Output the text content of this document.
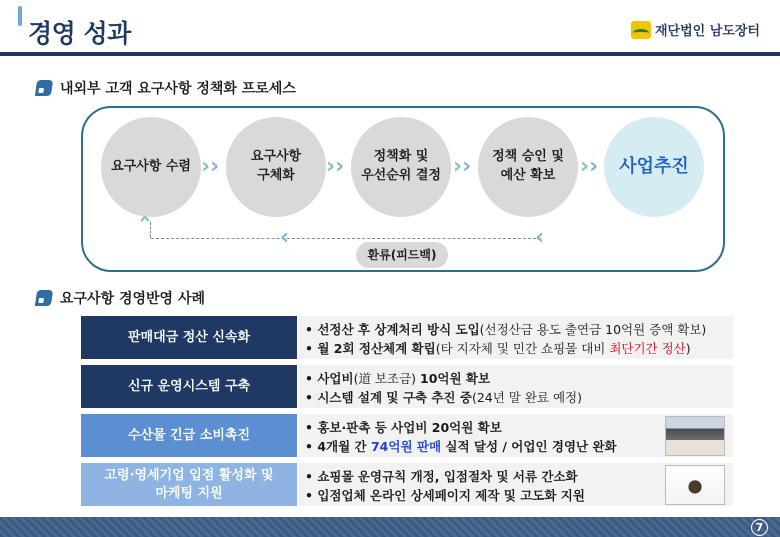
경영 성과	재단법인 남도장터
내외부 고객 요구사항 정책화 프로세스
요구사항 수렴 ›› 요구사항
구체화 ››	정책화 및
우선순위 결정 ›› 정책 승인 및
예산 확보	›› 사업추진
›
‹	‹
환류(피드백)
요구사항 경영반영 사례
판매대금 정산 신속화
• 선정산 후 상계처리 방식 도입(선정산금 용도 출연금 10억원 증액 확보)
• 월 2회 정산체계 확립(타 지자체 및 민간 쇼핑몰 대비 최단기간 정산)
신규 운영시스템 구축
• 사업비(道 보조금) 10억원 확보
• 시스템 설계 및 구축 추진 중(24년 말 완료 예정)
수산물 긴급 소비촉진
• 홍보·판촉 등 사업비 20억원 확보
• 4개월 간 74억원 판매 실적 달성 / 어업인 경영난 완화
고령·영세기업 입점 활성화 및
마케팅 지원
• 쇼핑몰 운영규칙 개정, 입점절차 및 서류 간소화
• 입점업체 온라인 상세페이지 제작 및 고도화 지원
7
